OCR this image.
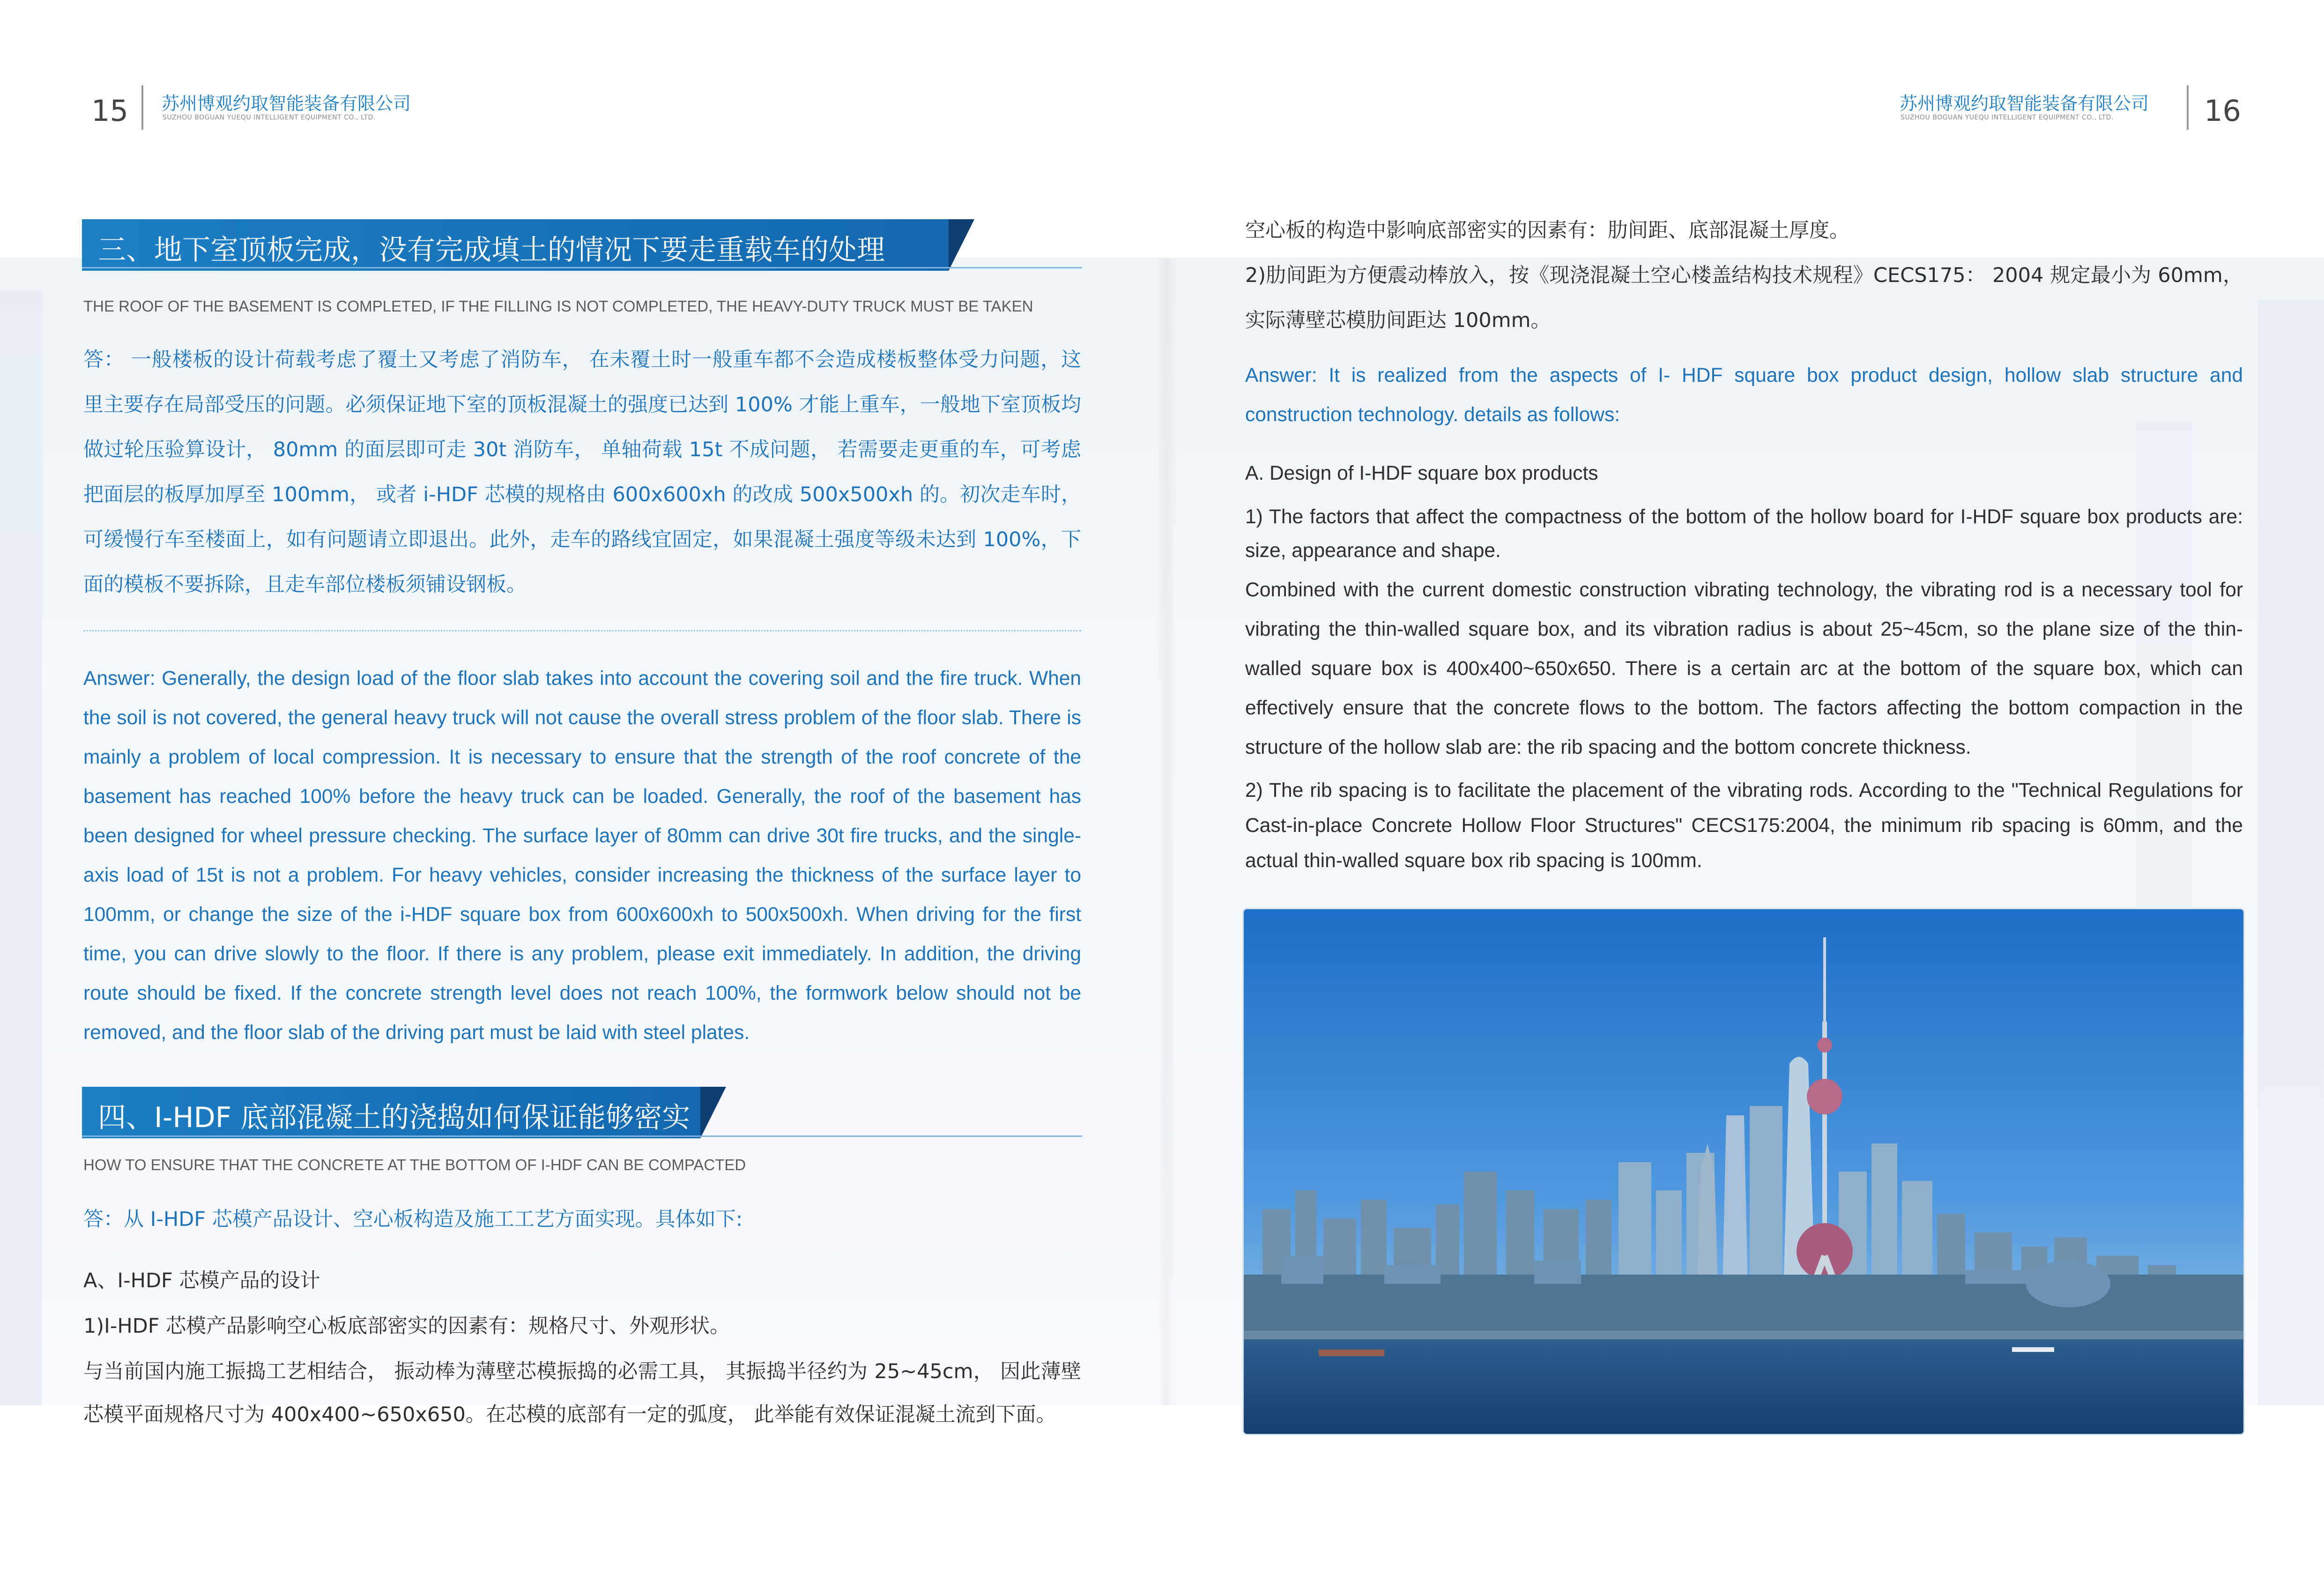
15 苏州博观约取智能装备有限公司
SUZHOU BOGUAN YUEQU INTELLIGENT EQUIPMENT CO., LTD.
三、地下室顶板完成，没有完成填土的情况下要走重载车的处理
THE ROOF OF THE BASEMENT IS COMPLETED, IF THE FILLING IS NOT COMPLETED, THE HEAVY-DUTY TRUCK MUST BE TAKEN

答： 一般楼板的设计荷载考虑了覆土又考虑了消防车， 在未覆土时一般重车都不会造成楼板整体受力问题，这里主要存在局部受压的问题。必须保证地下室的顶板混凝土的强度已达到 100% 才能上重车，一般地下室顶板均做过轮压验算设计， 80mm 的面层即可走 30t 消防车， 单轴荷载 15t 不成问题， 若需要走更重的车，可考虑把面层的板厚加厚至 100mm， 或者 i-HDF 芯模的规格由 600x600xh 的改成 500x500xh 的。初次走车时，可缓慢行车至楼面上，如有问题请立即退出。此外，走车的路线宜固定，如果混凝土强度等级未达到 100%，下面的模板不要拆除，且走车部位楼板须铺设钢板。

Answer: Generally, the design load of the floor slab takes into account the covering soil and the fire truck. When the soil is not covered, the general heavy truck will not cause the overall stress problem of the floor slab. There is mainly a problem of local compression. It is necessary to ensure that the strength of the roof concrete of the basement has reached 100% before the heavy truck can be loaded. Generally, the roof of the basement has been designed for wheel pressure checking. The surface layer of 80mm can drive 30t fire trucks, and the single-axis load of 15t is not a problem. For heavy vehicles, consider increasing the thickness of the surface layer to 100mm, or change the size of the i-HDF square box from 600x600xh to 500x500xh. When driving for the first time, you can drive slowly to the floor. If there is any problem, please exit immediately. In addition, the driving route should be fixed. If the concrete strength level does not reach 100%, the formwork below should not be removed, and the floor slab of the driving part must be laid with steel plates.

四、I-HDF 底部混凝土的浇捣如何保证能够密实
HOW TO ENSURE THAT THE CONCRETE AT THE BOTTOM OF I-HDF CAN BE COMPACTED
答：从 I-HDF 芯模产品设计、空心板构造及施工工艺方面实现。具体如下:
A、I-HDF 芯模产品的设计
1)I-HDF 芯模产品影响空心板底部密实的因素有：规格尺寸、外观形状。

与当前国内施工振捣工艺相结合， 振动棒为薄壁芯模振捣的必需工具， 其振捣半径约为 25~45cm， 因此薄壁芯模平面规格尺寸为 400x400~650x650。在芯模的底部有一定的弧度， 此举能有效保证混凝土流到下面。

苏州博观约取智能装备有限公司
SUZHOU BOGUAN YUEQU INTELLIGENT EQUIPMENT CO., LTD.	16
空心板的构造中影响底部密实的因素有：肋间距、底部混凝土厚度。

2)肋间距为方便震动棒放入，按《现浇混凝土空心楼盖结构技术规程》CECS175： 2004 规定最小为 60mm，实际薄壁芯模肋间距达 100mm。

Answer: It is realized from the aspects of I- HDF square box product design, hollow slab structure and construction technology. details as follows:

A. Design of I-HDF square box products

1) The factors that affect the compactness of the bottom of the hollow board for I-HDF square box products are: size, appearance and shape.

Combined with the current domestic construction vibrating technology, the vibrating rod is a necessary tool for vibrating the thin-walled square box, and its vibration radius is about 25~45cm, so the plane size of the thin-walled square box is 400x400~650x650. There is a certain arc at the bottom of the square box, which can effectively ensure that the concrete flows to the bottom. The factors affecting the bottom compaction in the structure of the hollow slab are: the rib spacing and the bottom concrete thickness.

2) The rib spacing is to facilitate the placement of the vibrating rods. According to the "Technical Regulations for Cast-in-place Concrete Hollow Floor Structures" CECS175:2004, the minimum rib spacing is 60mm, and the actual thin-walled square box rib spacing is 100mm.
